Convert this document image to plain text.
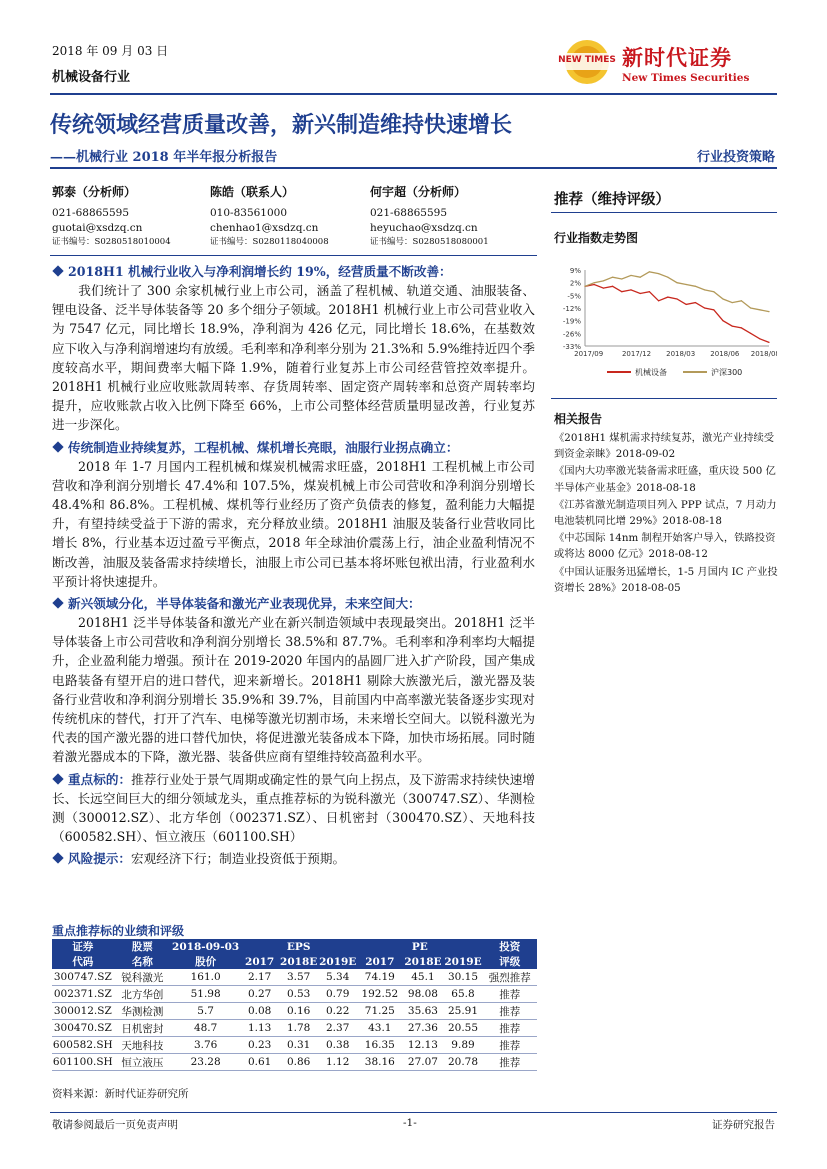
2018 年 09 月 03 日
机械设备行业
NEW TIMES 新时代证券
New Times Securities
传统领域经营质量改善，新兴制造维持快速增长
——机械行业 2018 年半年报分析报告	行业投资策略
郭泰（分析师）
021-68865595
guotai@xsdzq.cn
证书编号：S0280518010004
陈皓（联系人）
010-83561000
chenhao1@xsdzq.cn
证书编号：S0280118040008
何宇超（分析师）
021-68865595
heyuchao@xsdzq.cn
证书编号：S0280518080001
推荐（维持评级）
行业指数走势图
9%
2%
-5%
-12%
-19%
-26%
-33%
2017/09	2017/12 2018/03 2018/06 2018/08
机械设备	沪深300
相关报告
《2018H1 煤机需求持续复苏，激光产业持续受到资金亲睐》2018-09-02
《国内大功率激光装备需求旺盛，重庆设 500 亿半导体产业基金》2018-08-18
《江苏省激光制造项目列入 PPP 试点，7 月动力电池装机同比增 29%》2018-08-18
《中芯国际 14nm 制程开始客户导入，铁路投资或将达 8000 亿元》2018-08-12
《中国认证服务迅猛增长，1-5 月国内 IC 产业投资增长 28%》2018-08-05
2018H1 机械行业收入与净利润增长约 19%，经营质量不断改善：
我们统计了 300 余家机械行业上市公司，涵盖了程机械、轨道交通、油服装备、锂电设备、泛半导体装备等 20 多个细分子领域。2018H1 机械行业上市公司营业收入为 7547 亿元，同比增长 18.9%，净利润为 426 亿元，同比增长 18.6%，在基数效应下收入与净利润增速均有放缓。毛利率和净利率分别为 21.3%和 5.9%维持近四个季度较高水平，期间费率大幅下降 1.9%，随着行业复苏上市公司经营管控效率提升。2018H1 机械行业应收账款周转率、存货周转率、固定资产周转率和总资产周转率均提升，应收账款占收入比例下降至 66%，上市公司整体经营质量明显改善，行业复苏进一步深化。
传统制造业持续复苏，工程机械、煤机增长亮眼，油服行业拐点确立：
2018 年 1-7 月国内工程机械和煤炭机械需求旺盛，2018H1 工程机械上市公司营收和净利润分别增长 47.4%和 107.5%，煤炭机械上市公司营收和净利润分别增长 48.4%和 86.8%。工程机械、煤机等行业经历了资产负债表的修复，盈利能力大幅提升，有望持续受益于下游的需求，充分释放业绩。2018H1 油服及装备行业营收同比增长 8%，行业基本迈过盈亏平衡点，2018 年全球油价震荡上行，油企业盈利情况不断改善，油服及装备需求持续增长，油服上市公司已基本将坏账包袱出清，行业盈利水平预计将快速提升。
新兴领域分化，半导体装备和激光产业表现优异，未来空间大：
2018H1 泛半导体装备和激光产业在新兴制造领域中表现最突出。2018H1 泛半导体装备上市公司营收和净利润分别增长 38.5%和 87.7%。毛利率和净利率均大幅提升，企业盈利能力增强。预计在 2019-2020 年国内的晶圆厂进入扩产阶段，国产集成电路装备有望开启的进口替代，迎来新增长。2018H1 剔除大族激光后，激光器及装备行业营收和净利润分别增长 35.9%和 39.7%，目前国内中高率激光装备逐步实现对传统机床的替代，打开了汽车、电梯等激光切割市场，未来增长空间大。以锐科激光为代表的国产激光器的进口替代加快，将促进激光装备成本下降，加快市场拓展。同时随着激光器成本的下降，激光器、装备供应商有望维持较高盈利水平。
重点标的：推荐行业处于景气周期或确定性的景气向上拐点，及下游需求持续快速增长、长远空间巨大的细分领域龙头，重点推荐标的为锐科激光（300747.SZ）、华测检测（300012.SZ）、北方华创（002371.SZ）、日机密封（300470.SZ）、天地科技（600582.SH）、恒立液压（601100.SH）
风险提示：宏观经济下行；制造业投资低于预期。
重点推荐标的业绩和评级
证券	股票	2018-09-03	EPS			PE			投资
代码	名称	股价	2017	2018E	2019E	2017	2018E	2019E	评级
300747.SZ	锐科激光	161.0	2.17	3.57	5.34	74.19	45.1	30.15	强烈推荐
002371.SZ	北方华创	51.98	0.27	0.53	0.79	192.52	98.08	65.8	推荐
300012.SZ	华测检测	5.7	0.08	0.16	0.22	71.25	35.63	25.91	推荐
300470.SZ	日机密封	48.7	1.13	1.78	2.37	43.1	27.36	20.55	推荐
600582.SH	天地科技	3.76	0.23	0.31	0.38	16.35	12.13	9.89	推荐
601100.SH	恒立液压	23.28	0.61	0.86	1.12	38.16	27.07	20.78	推荐
资料来源：新时代证券研究所
敬请参阅最后一页免责声明	-1-	证券研究报告
